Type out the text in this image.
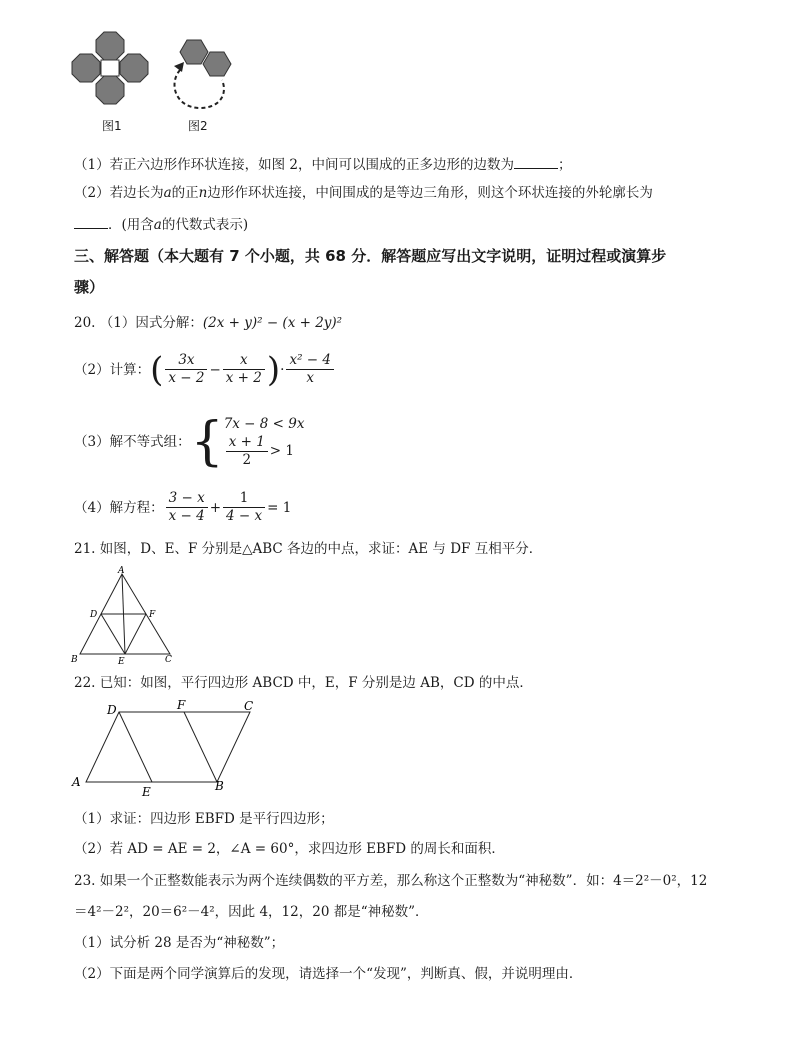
图1	图2
（1）若正六边形作环状连接，如图 2，中间可以围成的正多边形的边数为	；
（2）若边长为a的正n边形作环状连接，中间围成的是等边三角形，则这个环状连接的外轮廓长为
．(用含a的代数式表示)
三、解答题（本大题有 7 个小题，共 68 分．解答题应写出文字说明，证明过程或演算步
骤）
20. （1）因式分解：(2x + y)² − (x + 2y)²
（2）计算： ( $\frac{3x}{x - 2} - \frac{x}{x + 2}$ ) · $\frac{\text{x² − 4}}{x}$
（3）解不等式组： { 7x − 8 < 9x
$\frac{x + 1}{2} > 1$
（4）解方程： $\frac{3 - x}{x - 4} + \frac{1}{4 - x} = 1$
21. 如图，D、E、F 分别是△ABC 各边的中点，求证：AE 与 DF 互相平分．
A
D	F
B	E	C
22. 已知：如图，平行四边形 ABCD 中，E，F 分别是边 AB，CD 的中点．
D	F	C
A
E	B
（1）求证：四边形 EBFD 是平行四边形；
（2）若 AD = AE = 2，∠A = 60°，求四边形 EBFD 的周长和面积．
23. 如果一个正整数能表示为两个连续偶数的平方差，那么称这个正整数为“神秘数”．如：4＝2²－0²，12
＝4²－2²，20＝6²－4²，因此 4，12，20 都是“神秘数”．
（1）试分析 28 是否为“神秘数”；
（2）下面是两个同学演算后的发现，请选择一个“发现”，判断真、假，并说明理由．
